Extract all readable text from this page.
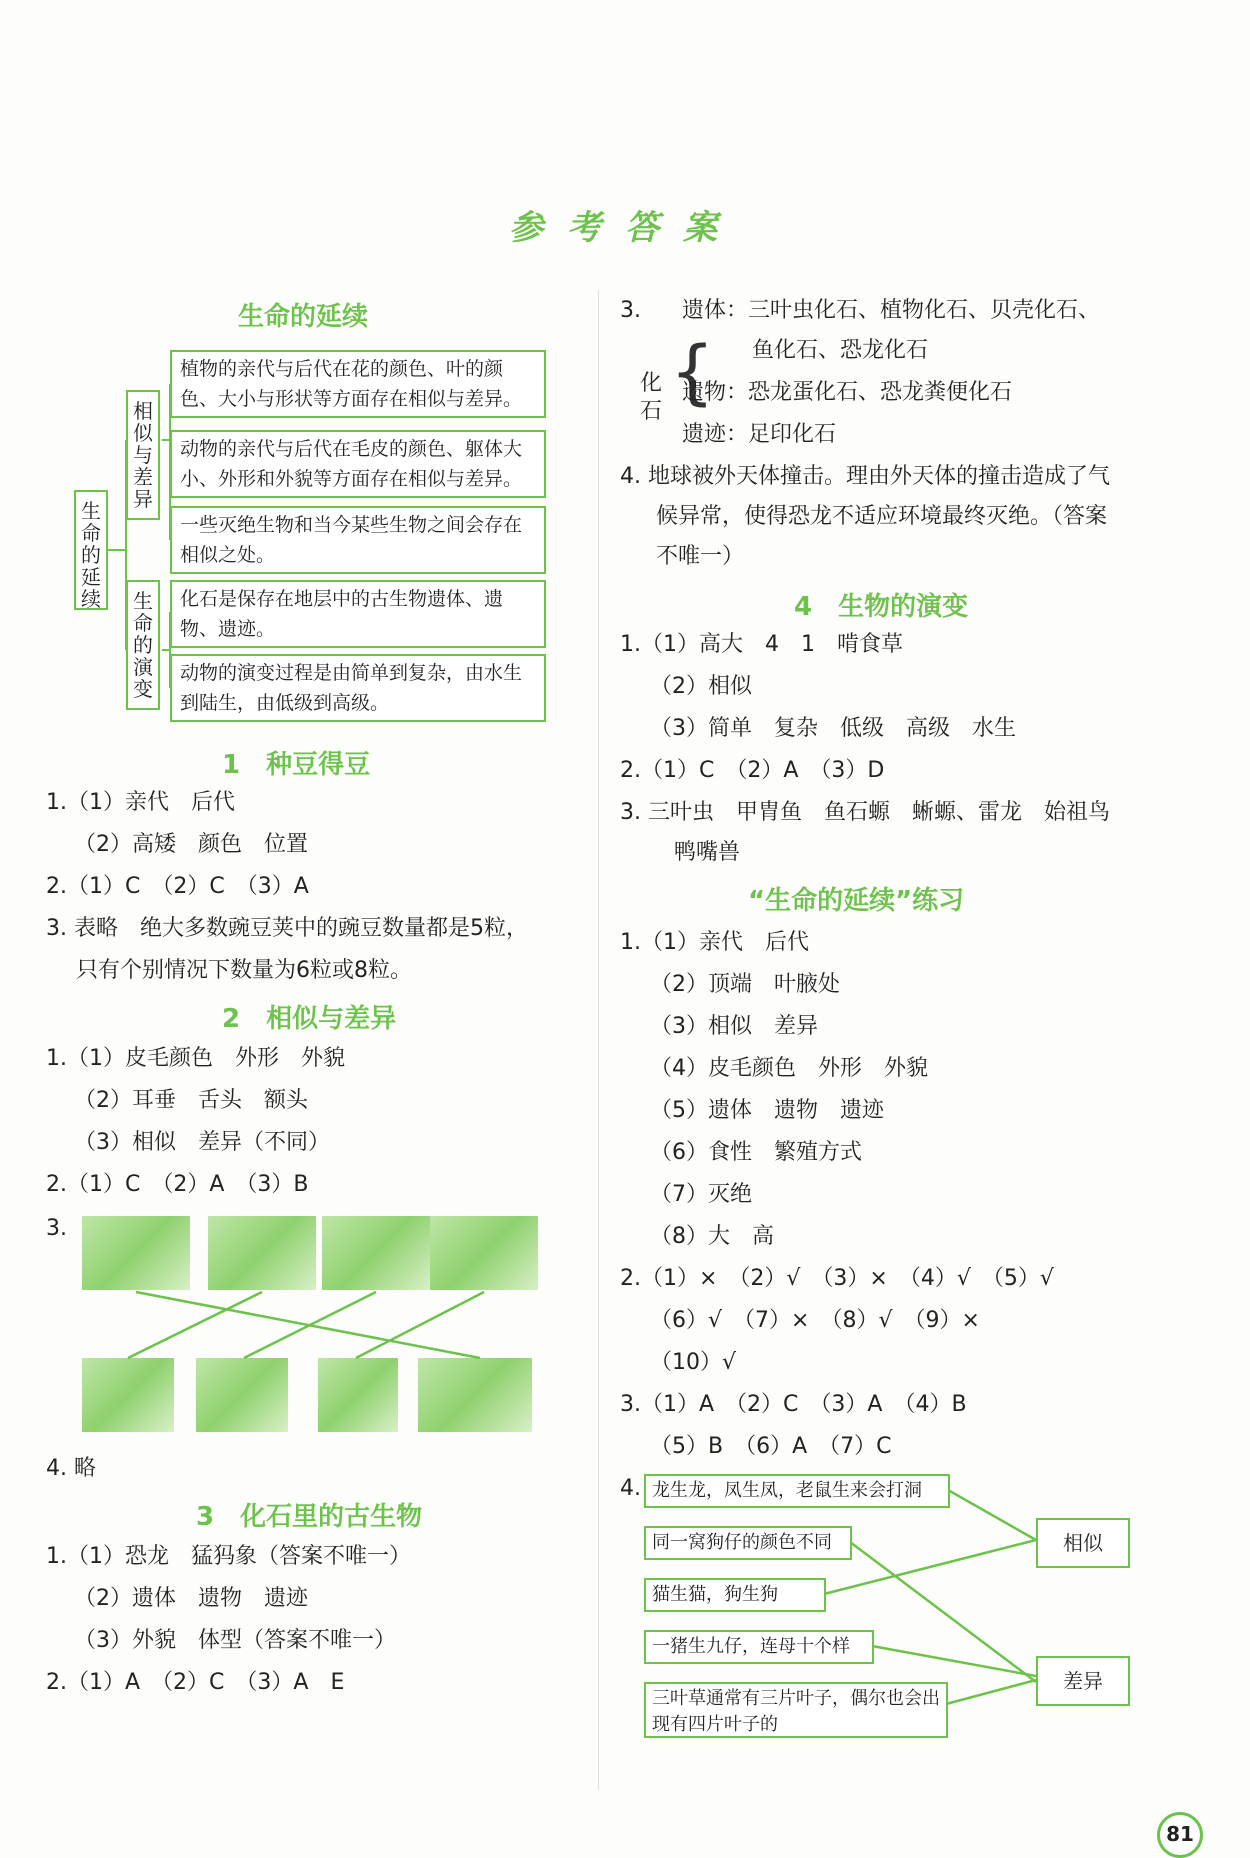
参考答案
生命的延续
生
命
的
延
续
相
似
与
差
异
生
命
的
演
变
植物的亲代与后代在花的颜色、叶的颜色、大小与形状等方面存在相似与差异。
动物的亲代与后代在毛皮的颜色、躯体大小、外形和外貌等方面存在相似与差异。
一些灭绝生物和当今某些生物之间会存在相似之处。
化石是保存在地层中的古生物遗体、遗物、遗迹。
动物的演变过程是由简单到复杂，由水生到陆生，由低级到高级。
1　种豆得豆
1.（1）亲代　后代
（2）高矮　颜色　位置
2.（1）C　（2）C　（3）A
3. 表略　绝大多数豌豆荚中的豌豆数量都是5粒，
只有个别情况下数量为6粒或8粒。
2　相似与差异
1.（1）皮毛颜色　外形　外貌
（2）耳垂　舌头　额头
（3）相似　差异（不同）
2.（1）C　（2）A　（3）B
3.
4. 略
3　化石里的古生物
1.（1）恐龙　猛犸象（答案不唯一）
（2）遗体　遗物　遗迹
（3）外貌　体型（答案不唯一）
2.（1）A　（2）C　（3）A　E
3.
化石 {
遗体：三叶虫化石、植物化石、贝壳化石、
鱼化石、恐龙化石
遗物：恐龙蛋化石、恐龙粪便化石
遗迹：足印化石
4. 地球被外天体撞击。理由外天体的撞击造成了气
候异常，使得恐龙不适应环境最终灭绝。（答案
不唯一）
4　生物的演变
1.（1）高大　4　1　啃食草
（2）相似
（3）简单　复杂　低级　高级　水生
2.（1）C　（2）A　（3）D
3. 三叶虫　甲胄鱼　鱼石螈　蜥螈、雷龙　始祖鸟
鸭嘴兽
“生命的延续”练习
1.（1）亲代　后代
（2）顶端　叶腋处
（3）相似　差异
（4）皮毛颜色　外形　外貌
（5）遗体　遗物　遗迹
（6）食性　繁殖方式
（7）灭绝
（8）大　高
2.（1）×　（2）√　（3）×　（4）√　（5）√
（6）√　（7）×　（8）√　（9）×
（10）√
3.（1）A　（2）C　（3）A　（4）B
（5）B　（6）A　（7）C
4. 龙生龙，凤生凤，老鼠生来会打洞
同一窝狗仔的颜色不同
猫生猫，狗生狗
一猪生九仔，连母十个样
三叶草通常有三片叶子，偶尔也会出现有四片叶子的
相似
差异
81
